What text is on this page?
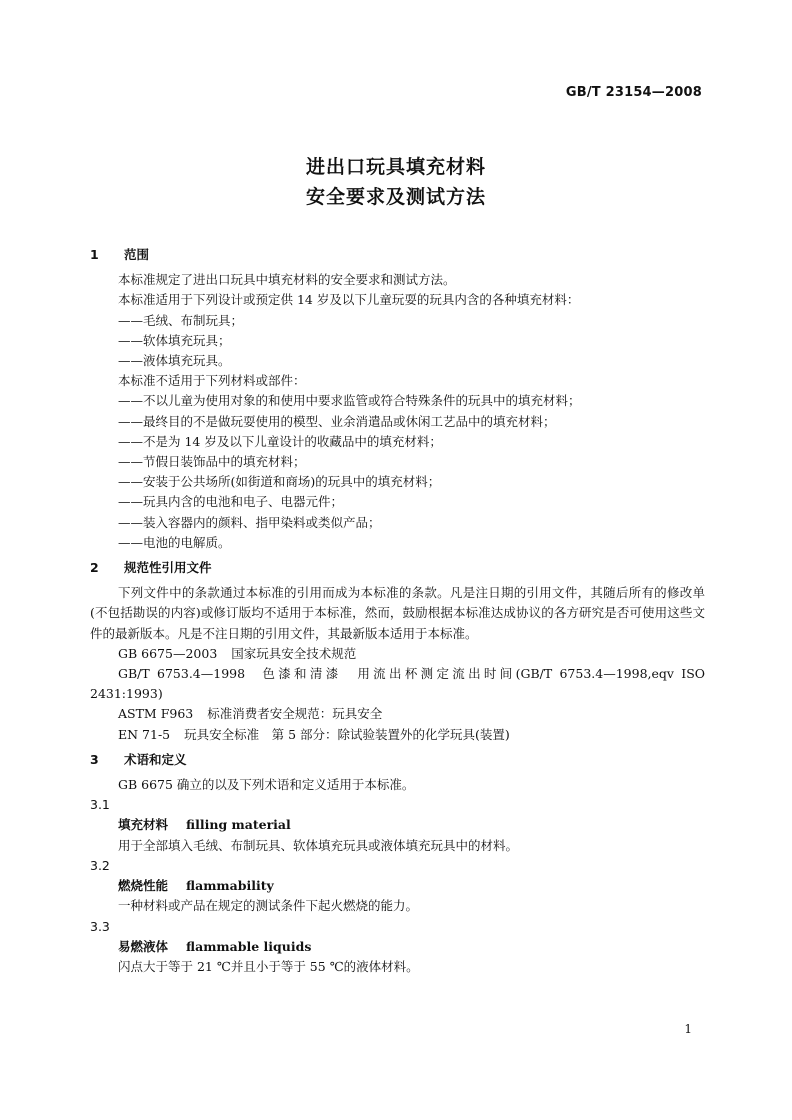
GB/T 23154—2008
进出口玩具填充材料
安全要求及测试方法
1 范围

本标准规定了进出口玩具中填充材料的安全要求和测试方法。

本标准适用于下列设计或预定供 14 岁及以下儿童玩耍的玩具内含的各种填充材料：

——毛绒、布制玩具；

——软体填充玩具；

——液体填充玩具。

本标准不适用于下列材料或部件：

——不以儿童为使用对象的和使用中要求监管或符合特殊条件的玩具中的填充材料；

——最终目的不是做玩耍使用的模型、业余消遣品或休闲工艺品中的填充材料；

——不是为 14 岁及以下儿童设计的收藏品中的填充材料；

——节假日装饰品中的填充材料；

——安装于公共场所(如街道和商场)的玩具中的填充材料；

——玩具内含的电池和电子、电器元件；

——装入容器内的颜料、指甲染料或类似产品；

——电池的电解质。

2 规范性引用文件

下列文件中的条款通过本标准的引用而成为本标准的条款。凡是注日期的引用文件，其随后所有的修改单(不包括勘误的内容)或修订版均不适用于本标准，然而，鼓励根据本标准达成协议的各方研究是否可使用这些文件的最新版本。凡是不注日期的引用文件，其最新版本适用于本标准。

GB 6675—2003 国家玩具安全技术规范

GB/T 6753.4—1998 色漆和清漆　用流出杯测定流出时间(GB/T 6753.4—1998,eqv ISO 2431:1993)

ASTM F963 标准消费者安全规范：玩具安全

EN 71-5 玩具安全标准　第 5 部分：除试验装置外的化学玩具(装置)

3 术语和定义

GB 6675 确立的以及下列术语和定义适用于本标准。

3.1

填充材料 filling material

用于全部填入毛绒、布制玩具、软体填充玩具或液体填充玩具中的材料。

3.2

燃烧性能 flammability

一种材料或产品在规定的测试条件下起火燃烧的能力。

3.3

易燃液体 flammable liquids

闪点大于等于 21 ℃并且小于等于 55 ℃的液体材料。

1
